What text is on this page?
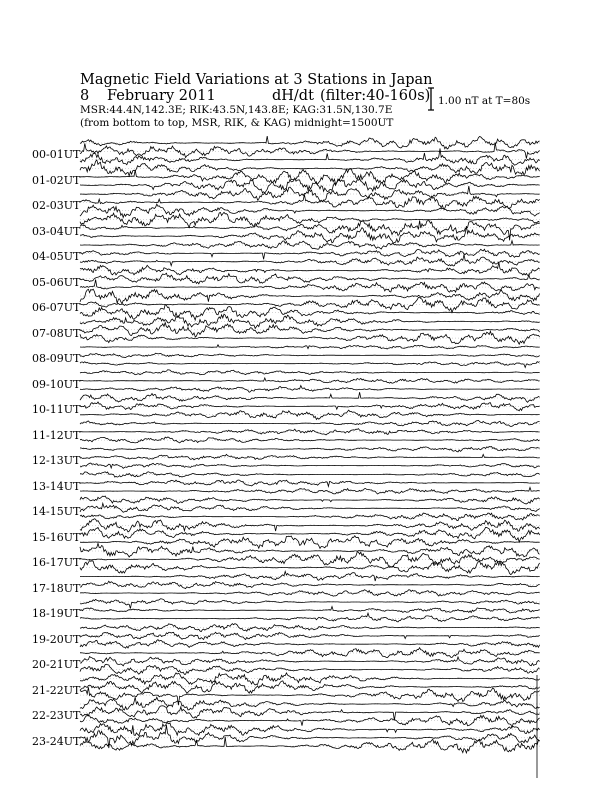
Magnetic Field Variations at 3 Stations in Japan
8 February 2011	dH/dt (filter:40-160s)
MSR:44.4N,142.3E; RIK:43.5N,143.8E; KAG:31.5N,130.7E
(from bottom to top, MSR, RIK, & KAG) midnight=1500UT
1.00 nT at T=80s
00-01UT
01-02UT
02-03UT
03-04UT
04-05UT
05-06UT
06-07UT
07-08UT
08-09UT
09-10UT
10-11UT
11-12UT
12-13UT
13-14UT
14-15UT
15-16UT
16-17UT
17-18UT
18-19UT
19-20UT
20-21UT
21-22UT
22-23UT
23-24UT
